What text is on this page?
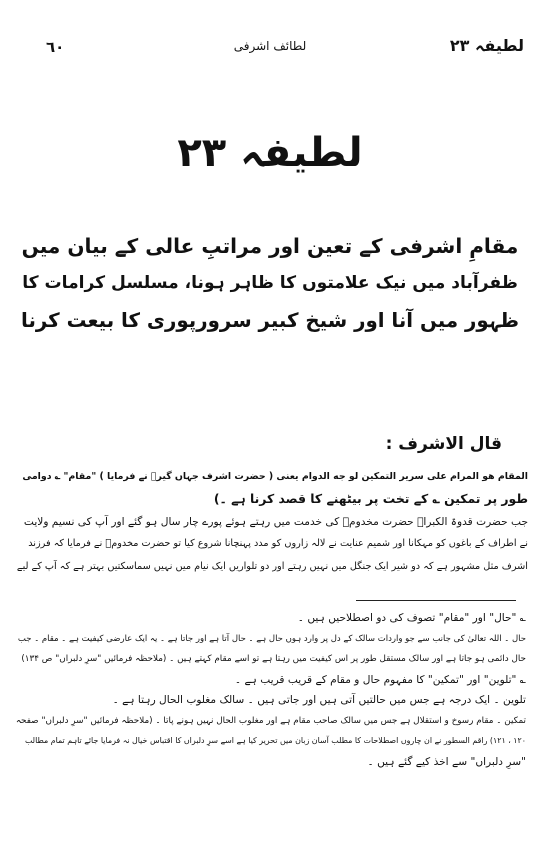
٦٠	لطائف اشرفی	لطیفہ ۲۳
لطیفہ ۲۳
مقامِ اشرفی کے تعین اور مراتبِ عالی کے بیان میں
ظفرآباد میں نیک علامتوں کا ظاہر ہونا، مسلسل کرامات کا
ظہور میں آنا اور شیخ کبیر سرورپوری کا بیعت کرنا
قال الاشرف :
المقام هو المرام على سرير التمكين لو جه الدوام یعنی ( حضرت اشرف جہاں گیرؒ نے فرمایا ) "مقام" ؎ دوامی
طور پر تمکین ؎ کے تخت پر بیٹھنے کا قصد کرنا ہے ۔)
جب حضرت قدوۃ الکبراؒ حضرت مخدومؒ کی خدمت میں رہتے ہوئے پورے چار سال ہو گئے اور آپ کی نسیم ولایت
نے اطراف کے باغوں کو مہکانا اور شمیم عنایت نے لالہ زاروں کو مدد پہنچانا شروع کیا تو حضرت مخدومؒ نے فرمایا کہ فرزند
اشرف مثل مشہور ہے کہ دو شیر ایک جنگل میں نہیں رہتے اور دو تلواریں ایک نیام میں نہیں سماسکتیں بہتر ہے کہ آپ کے لیے
؎ "حال" اور "مقام" تصوف کی دو اصطلاحیں ہیں ۔
حال ۔ اللہ تعالیٰ کی جانب سے جو واردات سالک کے دل پر وارد ہوں حال ہے ۔ حال آتا ہے اور جاتا ہے ۔ یہ ایک عارضی کیفیت ہے ۔ مقام ۔ جب
حال دائمی ہو جاتا ہے اور سالک مستقل طور پر اس کیفیت میں رہتا ہے تو اسے مقام کہتے ہیں ۔ (ملاحظہ فرمائیں "سرِ دلبراں" ص ۱۳۴)
؎ "تلوین" اور "تمکین" کا مفہوم حال و مقام کے قریب قریب ہے ۔
تلوین ۔ ایک درجہ ہے جس میں حالتیں آتی ہیں اور جاتی ہیں ۔ سالک مغلوب الحال رہتا ہے ۔
تمکین ۔ مقام رسوخ و استقلال ہے جس میں سالک صاحب مقام ہے اور مغلوب الحال نہیں ہونے پاتا ۔ (ملاحظہ فرمائیں "سرِ دلبراں" صفحہ
۱۲۰ ، ۱۲۱) راقم السطور نے ان چاروں اصطلاحات کا مطلب آسان زبان میں تحریر کیا ہے اسے سرِ دلبراں کا اقتباس خیال نہ فرمایا جائے تاہم تمام مطالب
"سرِ دلبراں" سے اخذ کیے گئے ہیں ۔
